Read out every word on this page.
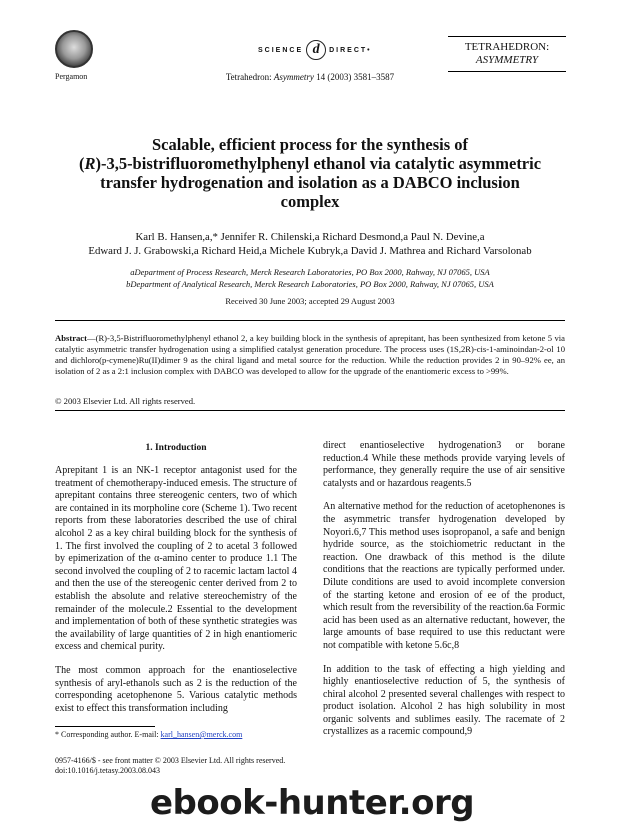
Pergamon
SCIENCE d	DIRECT•
Tetrahedron: Asymmetry 14 (2003) 3581–3587
TETRAHEDRON:
ASYMMETRY
Scalable, efficient process for the synthesis of
(R)-3,5-bistrifluoromethylphenyl ethanol via catalytic asymmetric
transfer hydrogenation and isolation as a DABCO inclusion
complex
Karl B. Hansen,a,* Jennifer R. Chilenski,a Richard Desmond,a Paul N. Devine,a
Edward J. J. Grabowski,a Richard Heid,a Michele Kubryk,a David J. Mathrea and Richard Varsolonab
aDepartment of Process Research, Merck Research Laboratories, PO Box 2000, Rahway, NJ 07065, USA
bDepartment of Analytical Research, Merck Research Laboratories, PO Box 2000, Rahway, NJ 07065, USA
Received 30 June 2003; accepted 29 August 2003
Abstract—(R)-3,5-Bistrifluoromethylphenyl ethanol 2, a key building block in the synthesis of aprepitant, has been synthesized from ketone 5 via catalytic asymmetric transfer hydrogenation using a simplified catalyst generation procedure. The process uses (1S,2R)-cis-1-aminoindan-2-ol 10 and dichloro(p-cymene)Ru(II)dimer 9 as the chiral ligand and metal source for the reduction. While the reduction provides 2 in 90–92% ee, an isolation of 2 as a 2:1 inclusion complex with DABCO was developed to allow for the upgrade of the enantiomeric excess to >99%.
© 2003 Elsevier Ltd. All rights reserved.
1. Introduction

Aprepitant 1 is an NK-1 receptor antagonist used for the treatment of chemotherapy-induced emesis. The structure of aprepitant contains three stereogenic centers, two of which are contained in its morpholine core (Scheme 1). Two recent reports from these laboratories described the use of chiral alcohol 2 as a key chiral building block for the synthesis of 1. The first involved the coupling of 2 to acetal 3 followed by epimerization of the α-amino center to produce 1.1 The second involved the coupling of 2 to racemic lactam lactol 4 and then the use of the stereogenic center derived from 2 to establish the absolute and relative stereochemistry of the remainder of the molecule.2 Essential to the development and implementation of both of these synthetic strategies was the availability of large quantities of 2 in high enantiomeric excess and chemical purity.

The most common approach for the enantioselective synthesis of aryl-ethanols such as 2 is the reduction of the corresponding acetophenone 5. Various catalytic methods exist to effect this transformation including

direct enantioselective hydrogenation3 or borane reduction.4 While these methods provide varying levels of performance, they generally require the use of air sensitive catalysts and or hazardous reagents.5

An alternative method for the reduction of acetophenones is the asymmetric transfer hydrogenation developed by Noyori.6,7 This method uses isopropanol, a safe and benign hydride source, as the stoichiometric reductant in the reaction. One drawback of this method is the dilute conditions that the reactions are typically performed under. Dilute conditions are used to avoid incomplete conversion of the starting ketone and erosion of ee of the product, which result from the reversibility of the reaction.6a Formic acid has been used as an alternative reductant, however, the large amounts of base required to use this reductant were not compatible with ketone 5.6c,8

In addition to the task of effecting a high yielding and highly enantioselective reduction of 5, the synthesis of chiral alcohol 2 presented several challenges with respect to product isolation. Alcohol 2 has high solubility in most organic solvents and sublimes easily. The racemate of 2 crystallizes as a racemic compound,9

* Corresponding author. E-mail: karl_hansen@merck.com
0957-4166/$ - see front matter © 2003 Elsevier Ltd. All rights reserved.
doi:10.1016/j.tetasy.2003.08.043
ebook-hunter.org
